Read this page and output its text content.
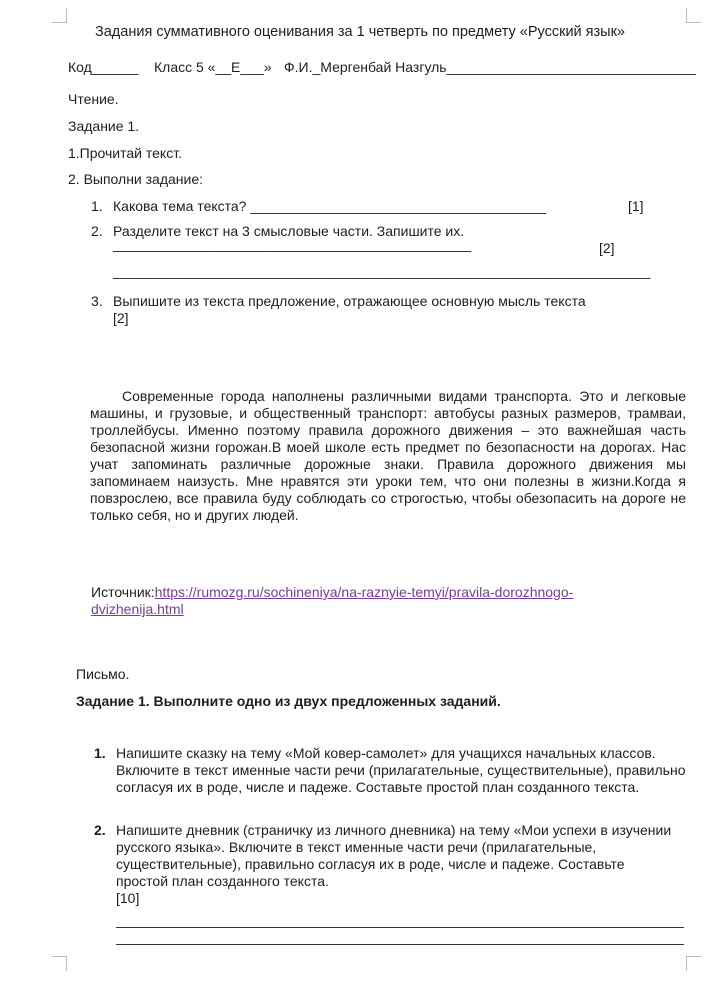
Задания суммативного оценивания за 1 четверть по предмету «Русский язык»
Код______ Класс 5 «__Е___» Ф.И._Мергенбай Назгуль________________________________
Чтение.
Задание 1.
1.Прочитай текст.
2. Выполни задание:
1. Какова тема текста? ______________________________________	[1]
2. Разделите текст на 3 смысловые части. Запишите их.
______________________________________________	[2]
_____________________________________________________________________
3. Выпишите из текста предложение, отражающее основную мысль текста
[2]
Современные города наполнены различными видами транспорта. Это и легковые машины, и грузовые, и общественный транспорт: автобусы разных размеров, трамваи, троллейбусы. Именно поэтому правила дорожного движения – это важнейшая часть безопасной жизни горожан.В моей школе есть предмет по безопасности на дорогах. Нас учат запоминать различные дорожные знаки. Правила дорожного движения мы запоминаем наизусть. Мне нравятся эти уроки тем, что они полезны в жизни.Когда я повзрослею, все правила буду соблюдать со строгостью, чтобы обезопасить на дороге не только себя, но и других людей.
Источник:https://rumozg.ru/sochineniya/na-raznyie-temyi/pravila-dorozhnogo-
dvizhenija.html
Письмо.
Задание 1. Выполните одно из двух предложенных заданий.
1. Напишите сказку на тему «Мой ковер-самолет» для учащихся начальных классов. Включите в текст именные части речи (прилагательные, существительные), правильно согласуя их в роде, числе и падеже. Составьте простой план созданного текста.
2. Напишите дневник (страничку из личного дневника) на тему «Мои успехи в изучении русского языка». Включите в текст именные части речи (прилагательные, существительные), правильно согласуя их в роде, числе и падеже. Составьте простой план созданного текста.
[10]
